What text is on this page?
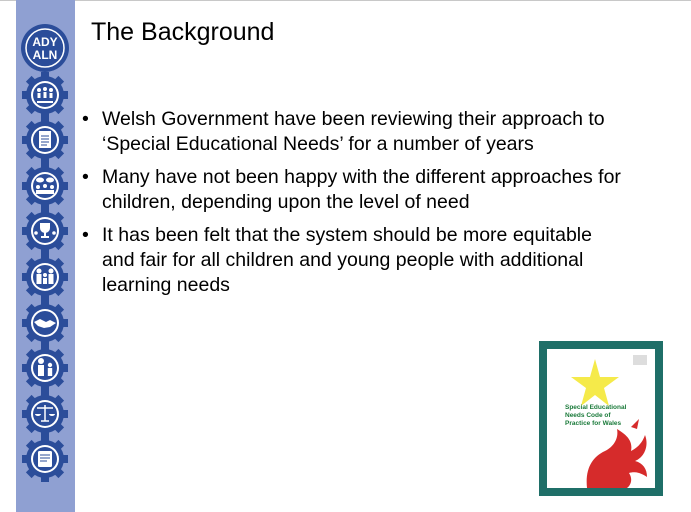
ADY
ALN
The Background
• Welsh Government have been reviewing their approach to ‘Special Educational Needs’ for a number of years
• Many have not been happy with the different approaches for children, depending upon the level of need
• It has been felt that the system should be more equitable and fair for all children and young people with additional learning needs
Special Educational Needs Code of Practice for Wales
